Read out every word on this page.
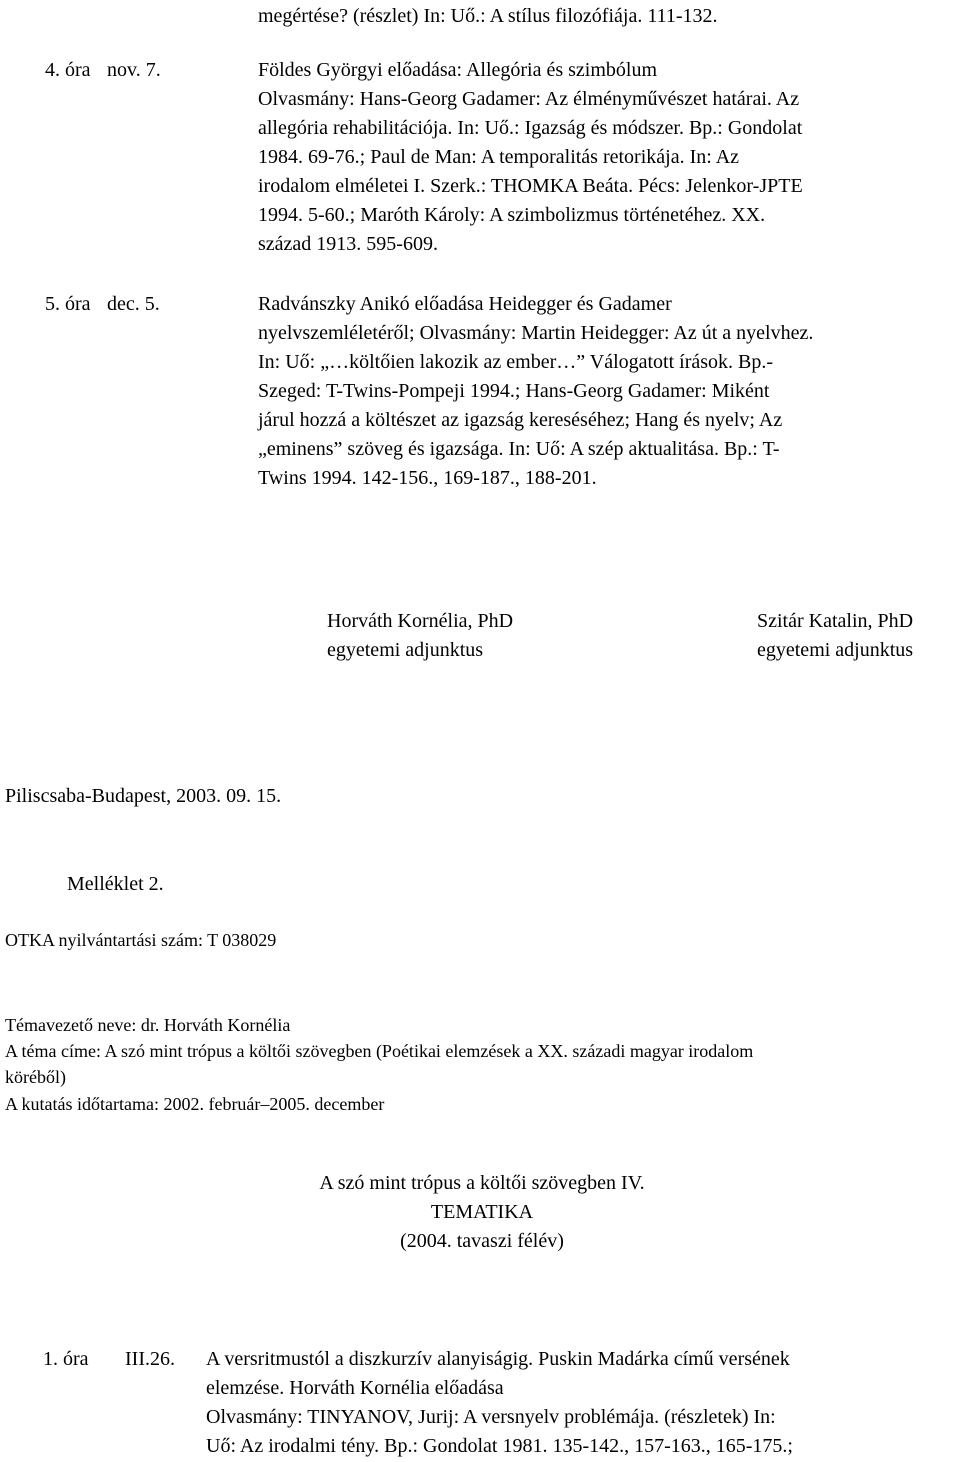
megértése? (részlet) In: Uő.: A stílus filozófiája. 111-132.
4. óra nov. 7.	Földes Györgyi előadása: Allegória és szimbólum
Olvasmány: Hans-Georg Gadamer: Az élményművészet határai. Az
allegória rehabilitációja. In: Uő.: Igazság és módszer. Bp.: Gondolat
1984. 69-76.; Paul de Man: A temporalitás retorikája. In: Az
irodalom elméletei I. Szerk.: THOMKA Beáta. Pécs: Jelenkor-JPTE
1994. 5-60.; Maróth Károly: A szimbolizmus történetéhez. XX.
század 1913. 595-609.
5. óra dec. 5.	Radvánszky Anikó előadása Heidegger és Gadamer
nyelvszemléletéről; Olvasmány: Martin Heidegger: Az út a nyelvhez.
In: Uő: „…költőien lakozik az ember…” Válogatott írások. Bp.-
Szeged: T-Twins-Pompeji 1994.; Hans-Georg Gadamer: Miként
járul hozzá a költészet az igazság kereséséhez; Hang és nyelv; Az
„eminens” szöveg és igazsága. In: Uő: A szép aktualitása. Bp.: T-
Twins 1994. 142-156., 169-187., 188-201.
Horváth Kornélia, PhD
egyetemi adjunktus
Szitár Katalin, PhD
egyetemi adjunktus
Piliscsaba-Budapest, 2003. 09. 15.
Melléklet 2.
OTKA nyilvántartási szám: T 038029
Témavezető neve: dr. Horváth Kornélia
A téma címe: A szó mint trópus a költői szövegben (Poétikai elemzések a XX. századi magyar irodalom
köréből)
A kutatás időtartama: 2002. február–2005. december
A szó mint trópus a költői szövegben IV.
TEMATIKA
(2004. tavaszi félév)
1. óra III.26. A versritmustól a diszkurzív alanyiságig. Puskin Madárka című versének
elemzése. Horváth Kornélia előadása
Olvasmány: TINYANOV, Jurij: A versnyelv problémája. (részletek) In:
Uő: Az irodalmi tény. Bp.: Gondolat 1981. 135-142., 157-163., 165-175.;
